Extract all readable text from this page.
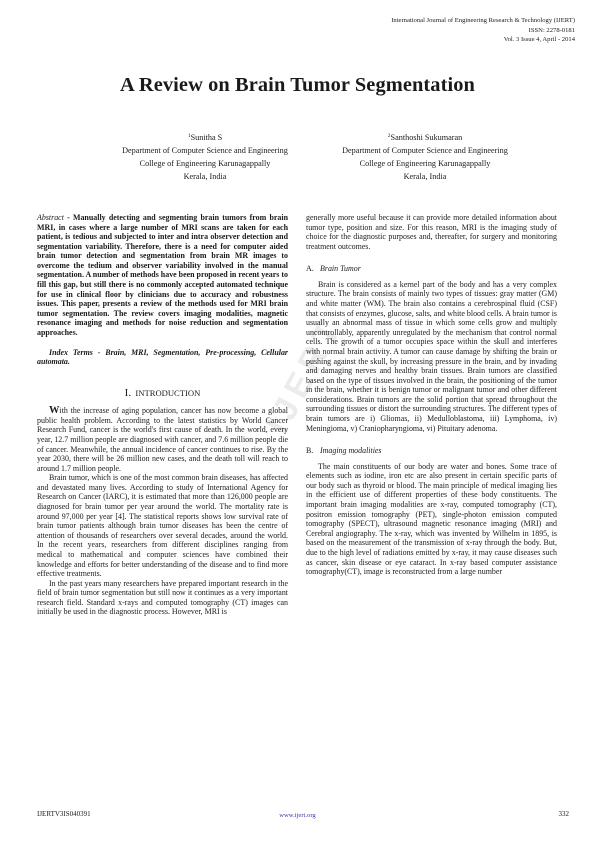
International Journal of Engineering Research & Technology (IJERT)
ISSN: 2278-0181
Vol. 3 Issue 4, April - 2014
A Review on Brain Tumor Segmentation
$^1$Sunitha S
Department of Computer Science and Engineering
College of Engineering Karunagappally
Kerala, India
$^2$Santhoshi Sukumaran
Department of Computer Science and Engineering
College of Engineering Karunagappally
Kerala, India

Abstract - Manually detecting and segmenting brain tumors from brain MRI, in cases where a large number of MRI scans are taken for each patient, is tedious and subjected to inter and intra observer detection and segmentation variability. Therefore, there is a need for computer aided brain tumor detection and segmentation from brain MR images to overcome the tedium and observer variability involved in the manual segmentation. A number of methods have been proposed in recent years to fill this gap, but still there is no commonly accepted automated technique for use in clinical floor by clinicians due to accuracy and robustness issues. This paper, presents a review of the methods used for MRI brain tumor segmentation. The review covers imaging modalities, magnetic resonance imaging and methods for noise reduction and segmentation approaches.

Index Terms - Brain, MRI, Segmentation, Pre-processing, Cellular automata.

I. INTRODUCTION

With the increase of aging population, cancer has now become a global public health problem. According to the latest statistics by World Cancer Research Fund, cancer is the world's first cause of death. In the world, every year, 12.7 million people are diagnosed with cancer, and 7.6 million people die of cancer. Meanwhile, the annual incidence of cancer continues to rise. By the year 2030, there will be 26 million new cases, and the death toll will reach to around 1.7 million people.

Brain tumor, which is one of the most common brain diseases, has affected and devastated many lives. According to study of International Agency for Research on Cancer (IARC), it is estimated that more than 126,000 people are diagnosed for brain tumor per year around the world. The mortality rate is around 97,000 per year [4]. The statistical reports shows low survival rate of brain tumor patients although brain tumor diseases has been the centre of attention of thousands of researchers over several decades, around the world. In the recent years, researchers from different disciplines ranging from medical to mathematical and computer sciences have combined their knowledge and efforts for better understanding of the disease and to find more effective treatments.

In the past years many researchers have prepared important research in the field of brain tumor segmentation but still now it continues as a very important research field. Standard x-rays and computed tomography (CT) images can initially be used in the diagnostic process. However, MRI is

generally more useful because it can provide more detailed information about tumor type, position and size. For this reason, MRI is the imaging study of choice for the diagnostic purposes and, thereafter, for surgery and monitoring treatment outcomes.

A. Brain Tumor

Brain is considered as a kernel part of the body and has a very complex structure. The brain consists of mainly two types of tissues: gray matter (GM) and white matter (WM). The brain also contains a cerebrospinal fluid (CSF) that consists of enzymes, glucose, salts, and white blood cells. A brain tumor is usually an abnormal mass of tissue in which some cells grow and multiply uncontrollably, apparently unregulated by the mechanism that control normal cells. The growth of a tumor occupies space within the skull and interferes with normal brain activity. A tumor can cause damage by shifting the brain or pushing against the skull, by increasing pressure in the brain, and by invading and damaging nerves and healthy brain tissues. Brain tumors are classified based on the type of tissues involved in the brain, the positioning of the tumor in the brain, whether it is benign tumor or malignant tumor and other different considerations. Brain tumors are the solid portion that spread throughout the surrounding tissues or distort the surrounding structures. The different types of brain tumors are i) Gliomas, ii) Medulloblastoma, iii) Lymphoma, iv) Meningioma, v) Craniopharyngioma, vi) Pituitary adenoma.

B. Imaging modalities

The main constituents of our body are water and bones. Some trace of elements such as iodine, iron etc are also present in certain specific parts of our body such as thyroid or blood. The main principle of medical imaging lies in the efficient use of different properties of these body constituents. The important brain imaging modalities are x-ray, computed tomography (CT), positron emission tomography (PET), single-photon emission computed tomography (SPECT), ultrasound magnetic resonance imaging (MRI) and Cerebral angiography. The x-ray, which was invented by Wilhelm in 1895, is based on the measurement of the transmission of x-ray through the body. But, due to the high level of radiations emitted by x-ray, it may cause diseases such as cancer, skin disease or eye cataract. In x-ray based computer assistance tomography(CT), image is reconstructed from a large number

IJERT
IJERTV3IS040391	www.ijert.org	332
